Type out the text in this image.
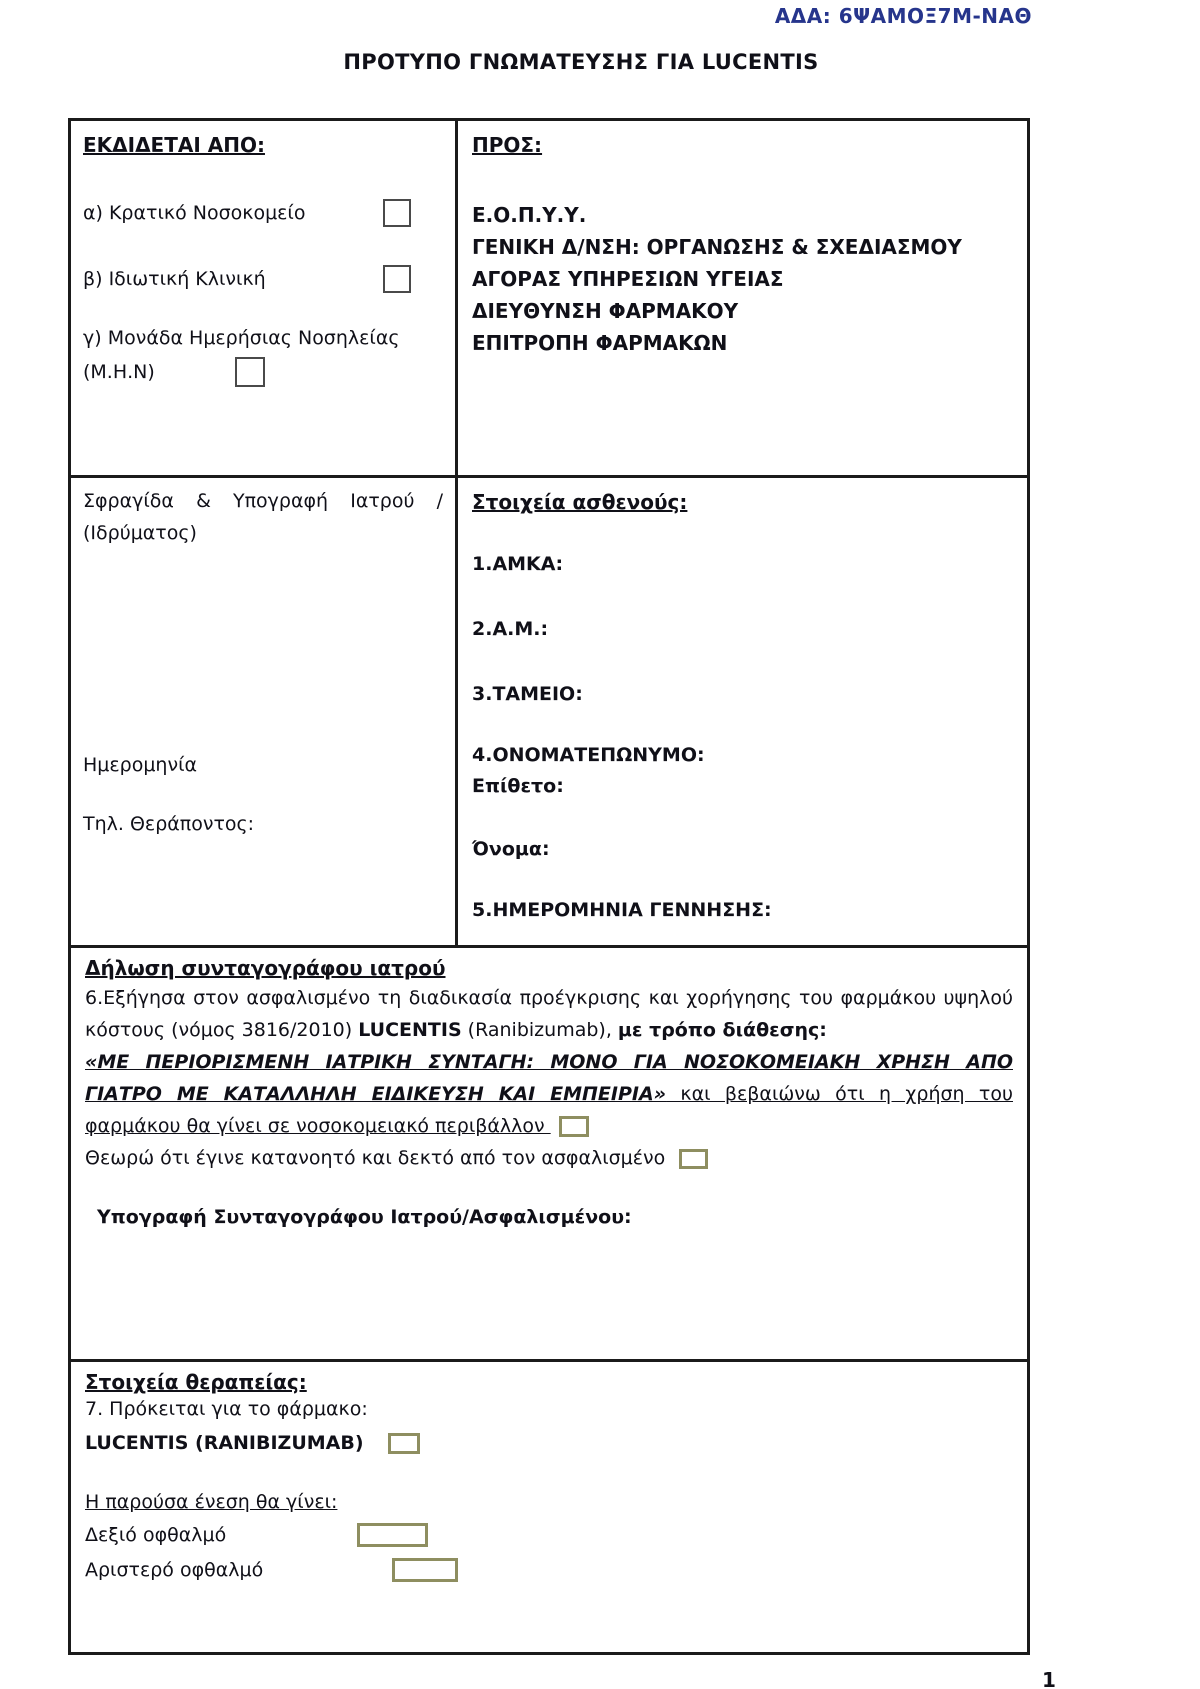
ΑΔΑ: 6ΨΑΜΟΞ7Μ-ΝΑΘ
ΠΡΟΤΥΠΟ ΓΝΩΜΑΤΕΥΣΗΣ ΓΙΑ LUCENTIS
ΕΚΔΙΔΕΤΑΙ ΑΠΟ:
α) Κρατικό Νοσοκομείο
β) Ιδιωτική Κλινική
γ) Μονάδα Ημερήσιας Νοσηλείας
(Μ.Η.Ν)
ΠΡΟΣ:
Ε.Ο.Π.Υ.Υ.
ΓΕΝΙΚΗ Δ/ΝΣΗ: ΟΡΓΑΝΩΣΗΣ & ΣΧΕΔΙΑΣΜΟΥ
ΑΓΟΡΑΣ ΥΠΗΡΕΣΙΩΝ ΥΓΕΙΑΣ
ΔΙΕΥΘΥΝΣΗ ΦΑΡΜΑΚΟΥ
ΕΠΙΤΡΟΠΗ ΦΑΡΜΑΚΩΝ
Σφραγίδα & Υπογραφή Ιατρού /
(Ιδρύματος)
Ημερομηνία
Τηλ. Θεράποντος:
Στοιχεία ασθενούς:
1.ΑΜΚΑ:
2.Α.Μ.:
3.ΤΑΜΕΙΟ:
4.ΟΝΟΜΑΤΕΠΩΝΥΜΟ:
Επίθετο:
Όνομα:
5.ΗΜΕΡΟΜΗΝΙΑ ΓΕΝΝΗΣΗΣ:
Δήλωση συνταγογράφου ιατρού

6.Εξήγησα στον ασφαλισμένο τη διαδικασία προέγκρισης και χορήγησης του φαρμάκου υψηλού κόστους (νόμος 3816/2010) LUCENTIS (Ranibizumab), με τρόπο διάθεσης:
«ΜΕ ΠΕΡΙΟΡΙΣΜΕΝΗ ΙΑΤΡΙΚΗ ΣΥΝΤΑΓΗ: ΜΟΝΟ ΓΙΑ ΝΟΣΟΚΟΜΕΙΑΚΗ ΧΡΗΣΗ ΑΠΟ ΓΙΑΤΡΟ ΜΕ ΚΑΤΑΛΛΗΛΗ ΕΙΔΙΚΕΥΣΗ ΚΑΙ ΕΜΠΕΙΡΙΑ» και βεβαιώνω ότι η χρήση του φαρμάκου θα γίνει σε νοσοκομειακό περιβάλλον

Θεωρώ ότι έγινε κατανοητό και δεκτό από τον ασφαλισμένο
Υπογραφή Συνταγογράφου Ιατρού/Ασφαλισμένου:
Στοιχεία θεραπείας:
7. Πρόκειται για το φάρμακο:
LUCENTIS (RANIBIZUMAB)
Η παρούσα ένεση θα γίνει:
Δεξιό οφθαλμό
Αριστερό οφθαλμό
1
